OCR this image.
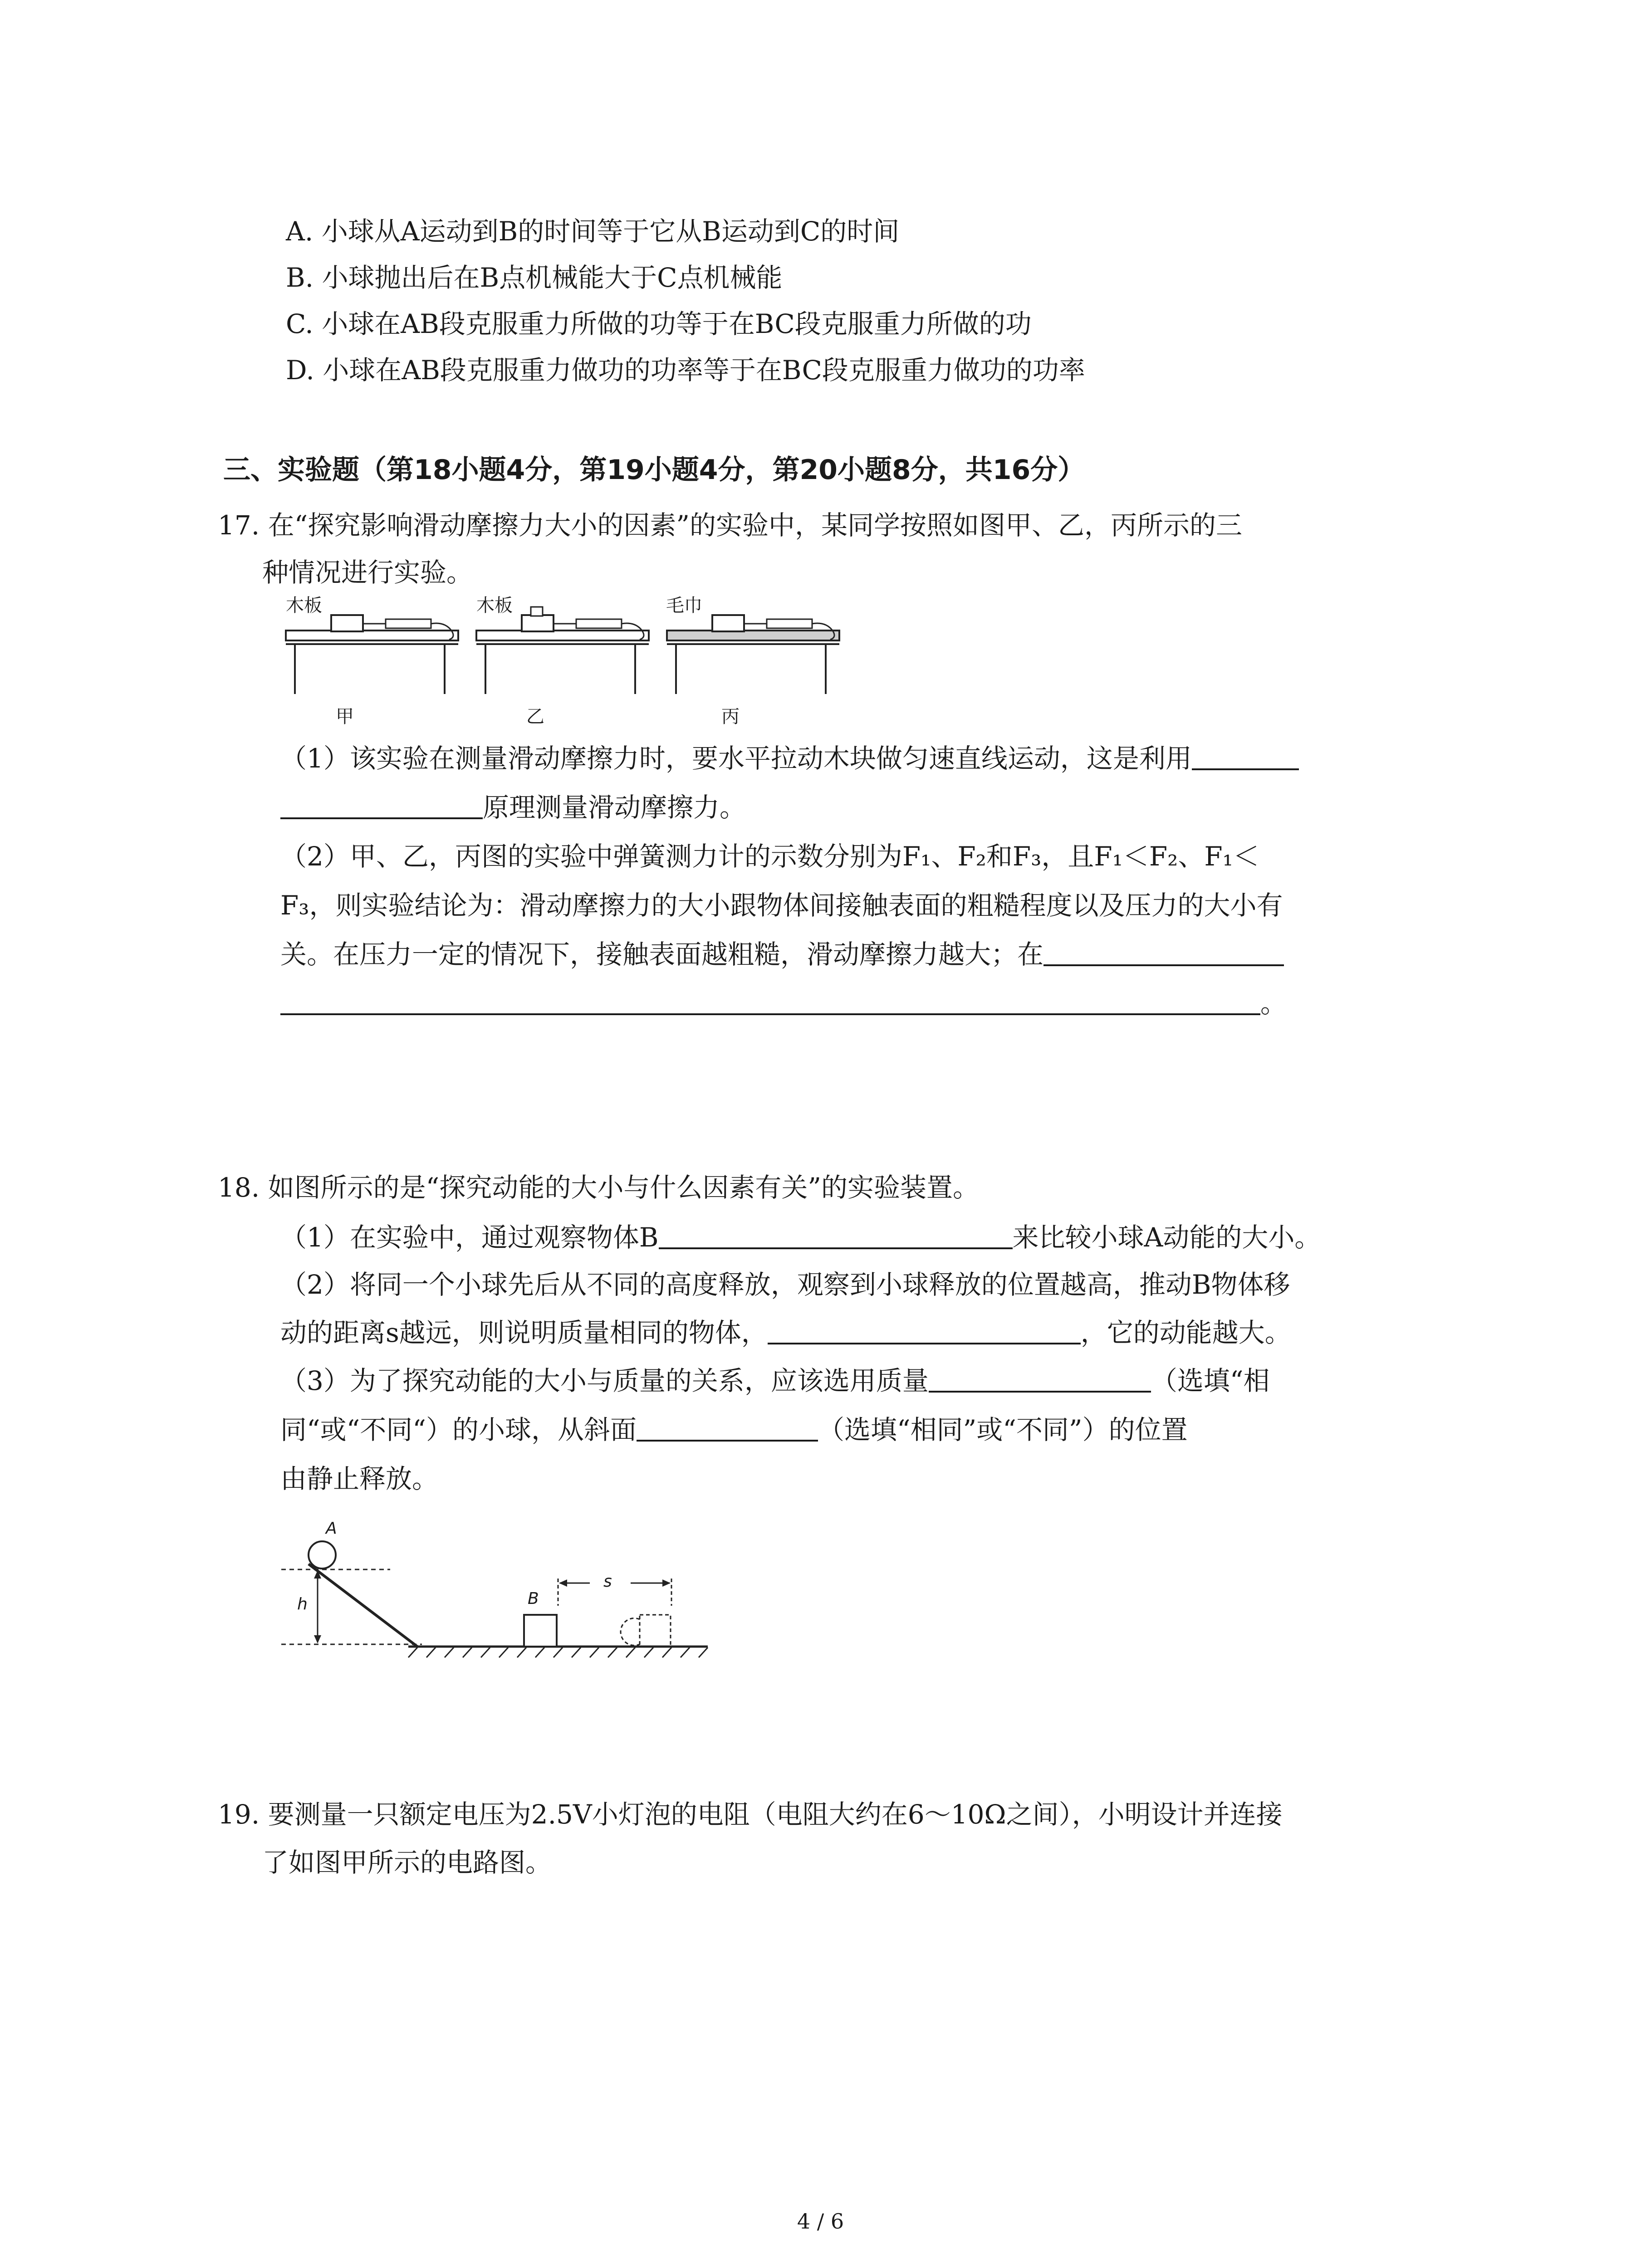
A. 小球从A运动到B的时间等于它从B运动到C的时间
B. 小球抛出后在B点机械能大于C点机械能
C. 小球在AB段克服重力所做的功等于在BC段克服重力所做的功
D. 小球在AB段克服重力做功的功率等于在BC段克服重力做功的功率
三、实验题（第18小题4分，第19小题4分，第20小题8分，共16分）
17. 在“探究影响滑动摩擦力大小的因素”的实验中，某同学按照如图甲、乙，丙所示的三
种情况进行实验。
木板	木板	毛巾
甲	乙	丙
（1）该实验在测量滑动摩擦力时，要水平拉动木块做匀速直线运动，这是利用
原理测量滑动摩擦力。
（2）甲、乙，丙图的实验中弹簧测力计的示数分别为F₁、F₂和F₃，且F₁＜F₂、F₁＜
F₃，则实验结论为：滑动摩擦力的大小跟物体间接触表面的粗糙程度以及压力的大小有
关。在压力一定的情况下，接触表面越粗糙，滑动摩擦力越大；在
。
18. 如图所示的是“探究动能的大小与什么因素有关”的实验装置。
（1）在实验中，通过观察物体B	来比较小球A动能的大小。
（2）将同一个小球先后从不同的高度释放，观察到小球释放的位置越高，推动B物体移
动的距离s越远，则说明质量相同的物体，	，它的动能越大。
（3）为了探究动能的大小与质量的关系，应该选用质量	（选填“相
同“或“不同“）的小球，从斜面	（选填“相同”或“不同”）的位置
由静止释放。
A
h	B
s
19. 要测量一只额定电压为2.5V小灯泡的电阻（电阻大约在6～10Ω之间），小明设计并连接
了如图甲所示的电路图。
4 / 6
